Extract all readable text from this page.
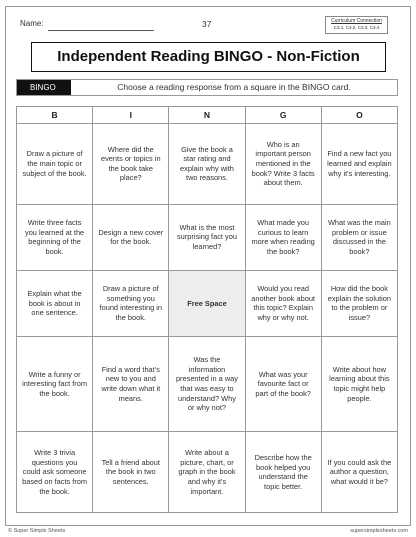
Name:	37	Curriculum Connection
C3.1, C3.2, C3.3, C3.4
Independent Reading BINGO - Non-Fiction
BINGO	Choose a reading response from a square in the BINGO card.
B	I	N	G	O
Draw a picture of the main topic or subject of the book.	Where did the events or topics in the book take place?	Give the book a star rating and explain why with two reasons.	Who is an important person mentioned in the book? Write 3 facts about them.	Find a new fact you learned and explain why it's interesting.
Write three facts you learned at the beginning of the book.	Design a new cover for the book.	What is the most surprising fact you learned?	What made you curious to learn more when reading the book?	What was the main problem or issue discussed in the book?
Explain what the book is about in one sentence.	Draw a picture of something you found interesting in the book.	Free Space	Would you read another book about this topic? Explain why or why not.	How did the book explain the solution to the problem or issue?
Write a funny or interesting fact from the book.	Find a word that's new to you and write down what it means.	Was the information presented in a way that was easy to understand? Why or why not?	What was your favourite fact or part of the book?	Write about how learning about this topic might help people.
Write 3 trivia questions you could ask someone based on facts from the book.	Tell a friend about the book in two sentences.	Write about a picture, chart, or graph in the book and why it's important.	Describe how the book helped you understand the topic better.	If you could ask the author a question, what would it be?
© Super Simple Sheets	supersimplesheets.com
